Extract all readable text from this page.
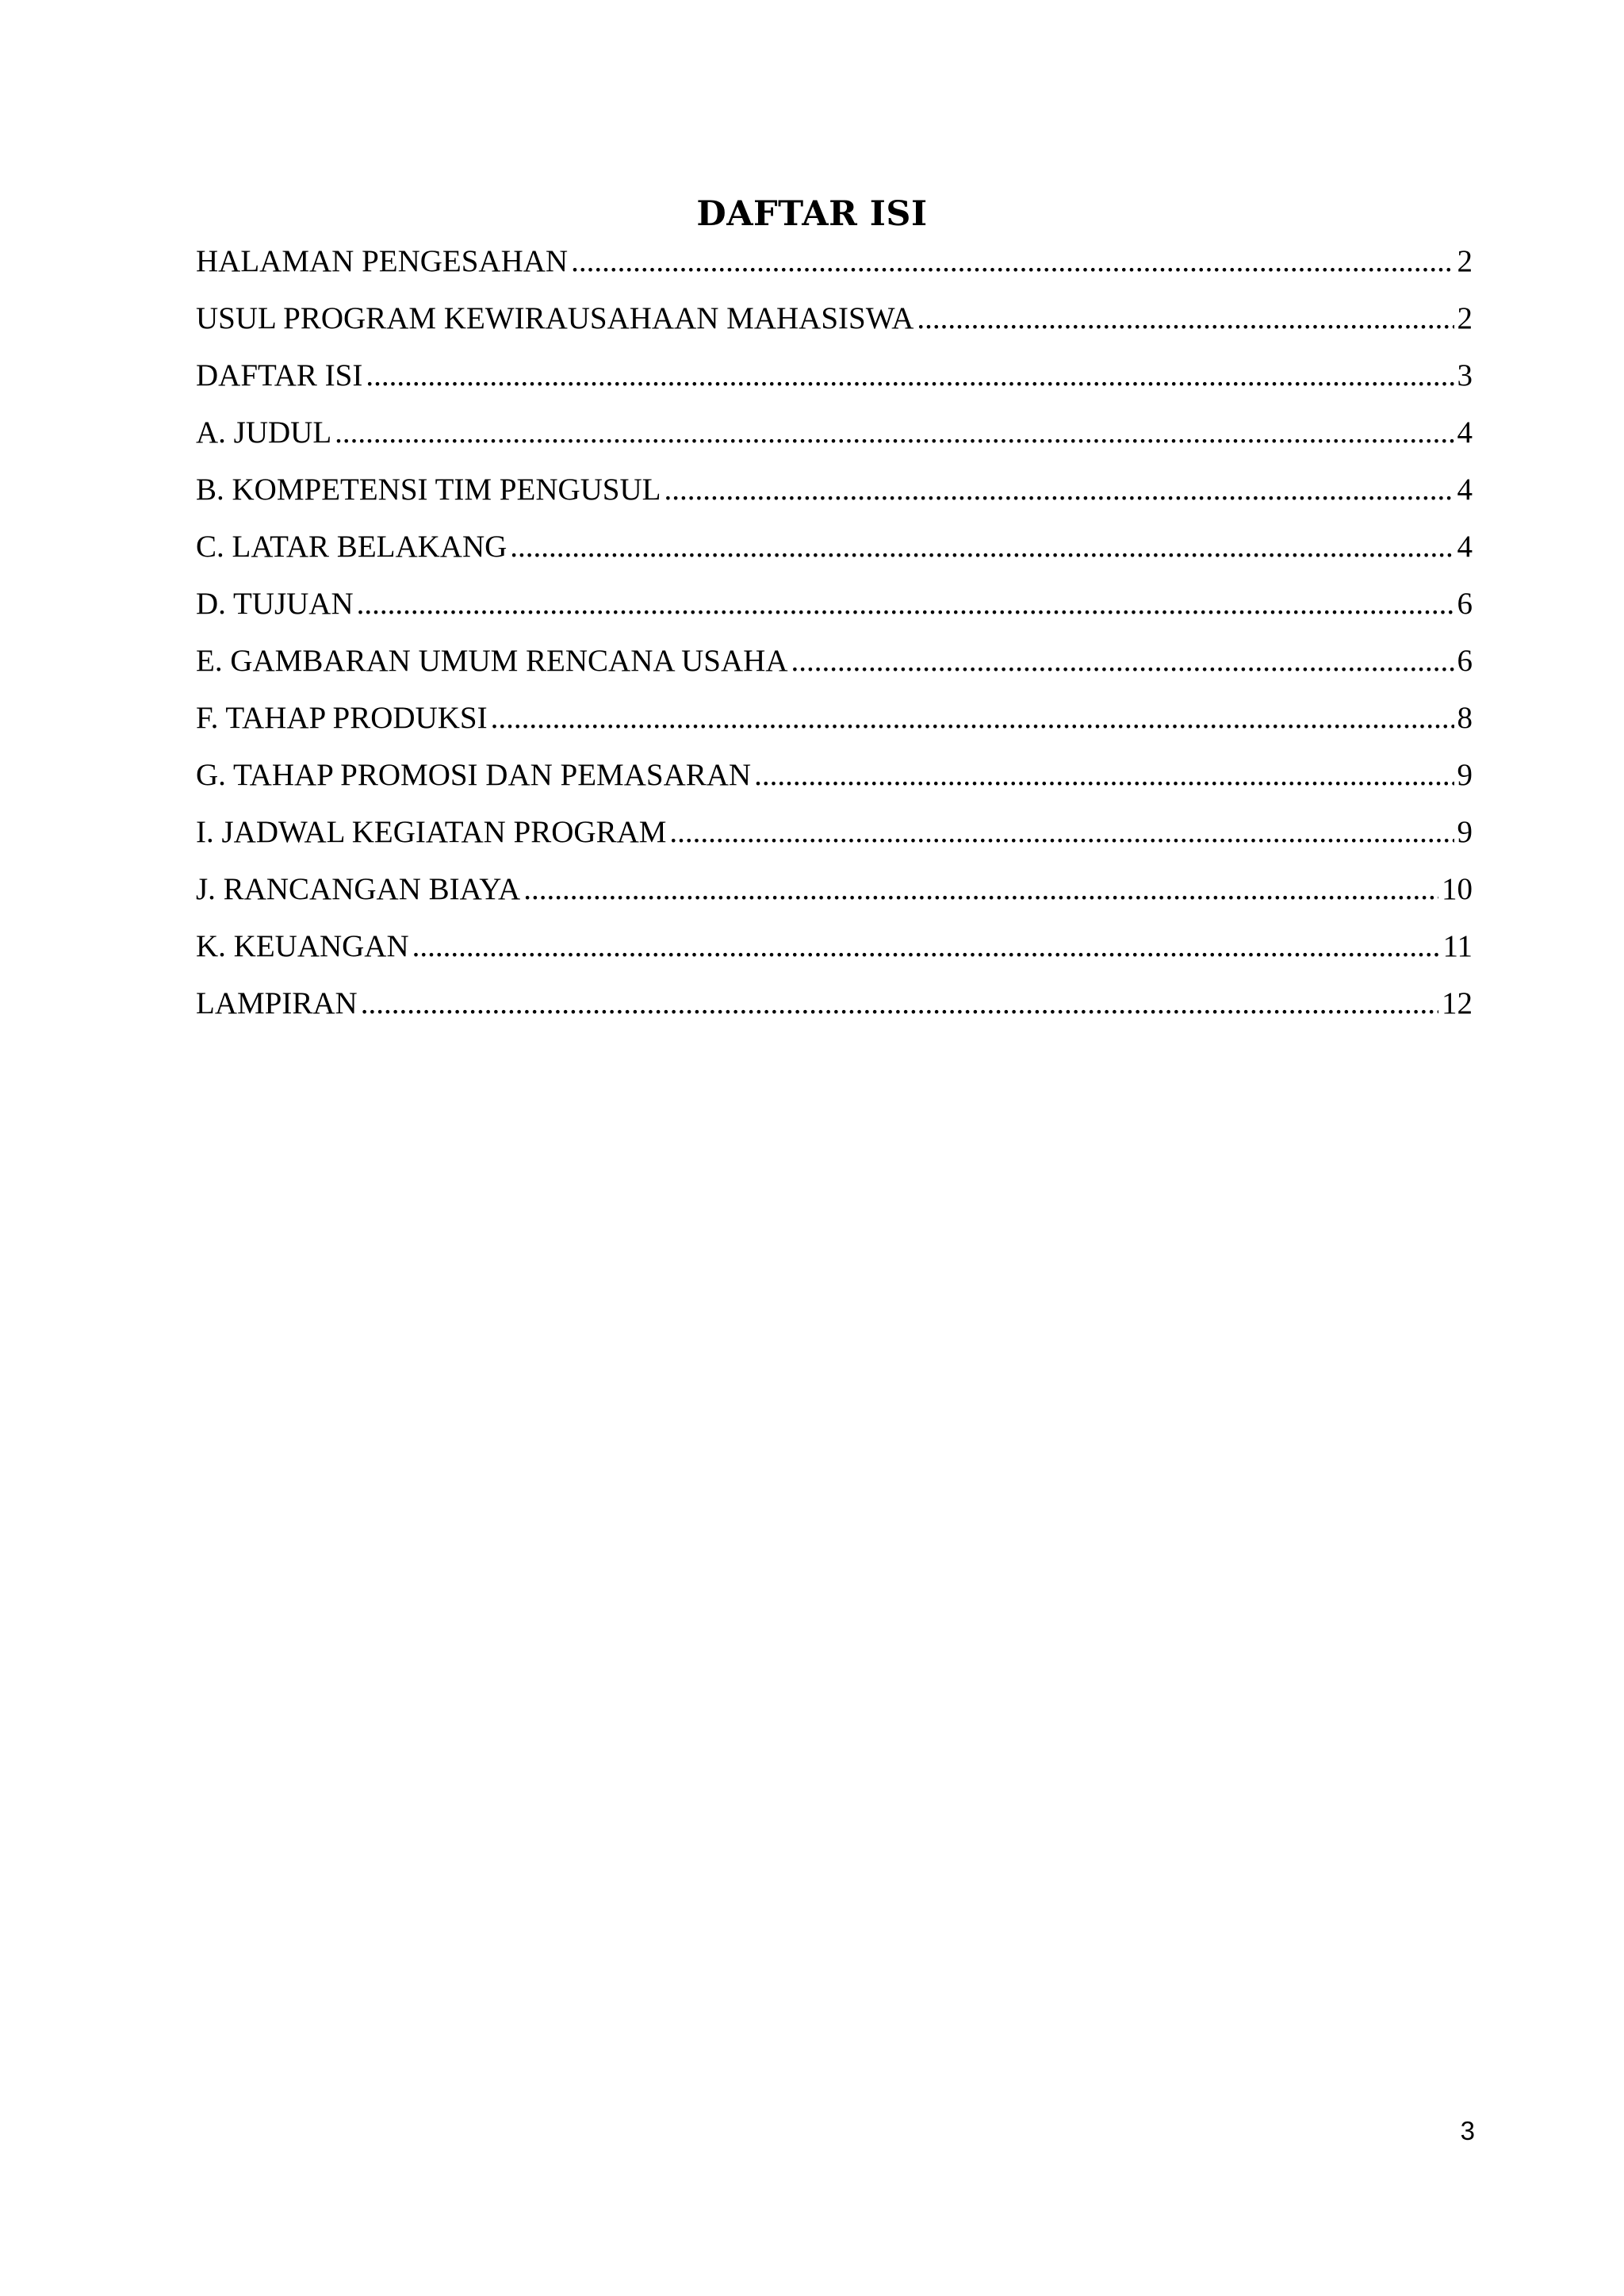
DAFTAR ISI
HALAMAN PENGESAHAN .....	2
USUL PROGRAM KEWIRAUSAHAAN MAHASISWA .....	2
DAFTAR ISI .....	3
A. JUDUL .....	4
B. KOMPETENSI TIM PENGUSUL .....	4
C. LATAR BELAKANG .....	4
D. TUJUAN .....	6
E. GAMBARAN UMUM RENCANA USAHA .....	6
F. TAHAP PRODUKSI .....	8
G. TAHAP PROMOSI DAN PEMASARAN .....	9
I. JADWAL KEGIATAN PROGRAM .....	9
J. RANCANGAN BIAYA .....	10
K. KEUANGAN .....	11
LAMPIRAN .....	12
3
